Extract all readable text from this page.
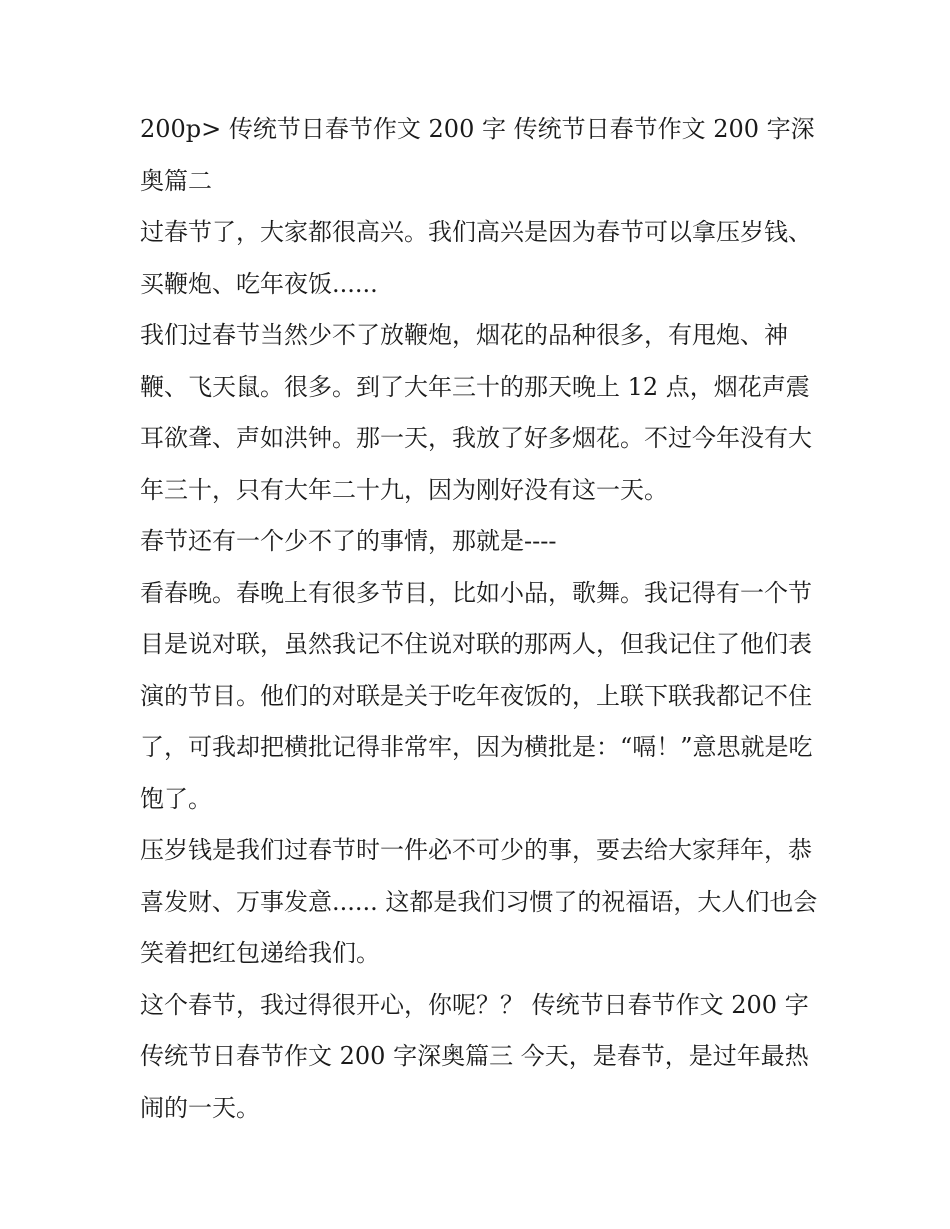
200p> 传统节日春节作文 200 字 传统节日春节作文 200 字深奥篇二

过春节了，大家都很高兴。我们高兴是因为春节可以拿压岁钱、买鞭炮、吃年夜饭......

我们过春节当然少不了放鞭炮，烟花的品种很多，有甩炮、神鞭、飞天鼠。很多。到了大年三十的那天晚上 12 点，烟花声震耳欲聋、声如洪钟。那一天，我放了好多烟花。不过今年没有大年三十，只有大年二十九，因为刚好没有这一天。

春节还有一个少不了的事情，那就是----

看春晚。春晚上有很多节目，比如小品，歌舞。我记得有一个节目是说对联，虽然我记不住说对联的那两人，但我记住了他们表演的节目。他们的对联是关于吃年夜饭的，上联下联我都记不住了，可我却把横批记得非常牢，因为横批是：“嗝！”意思就是吃饱了。

压岁钱是我们过春节时一件必不可少的事，要去给大家拜年，恭喜发财、万事发意...... 这都是我们习惯了的祝福语，大人们也会笑着把红包递给我们。

这个春节，我过得很开心，你呢？？ 传统节日春节作文 200 字 传统节日春节作文 200 字深奥篇三 今天，是春节，是过年最热闹的一天。
